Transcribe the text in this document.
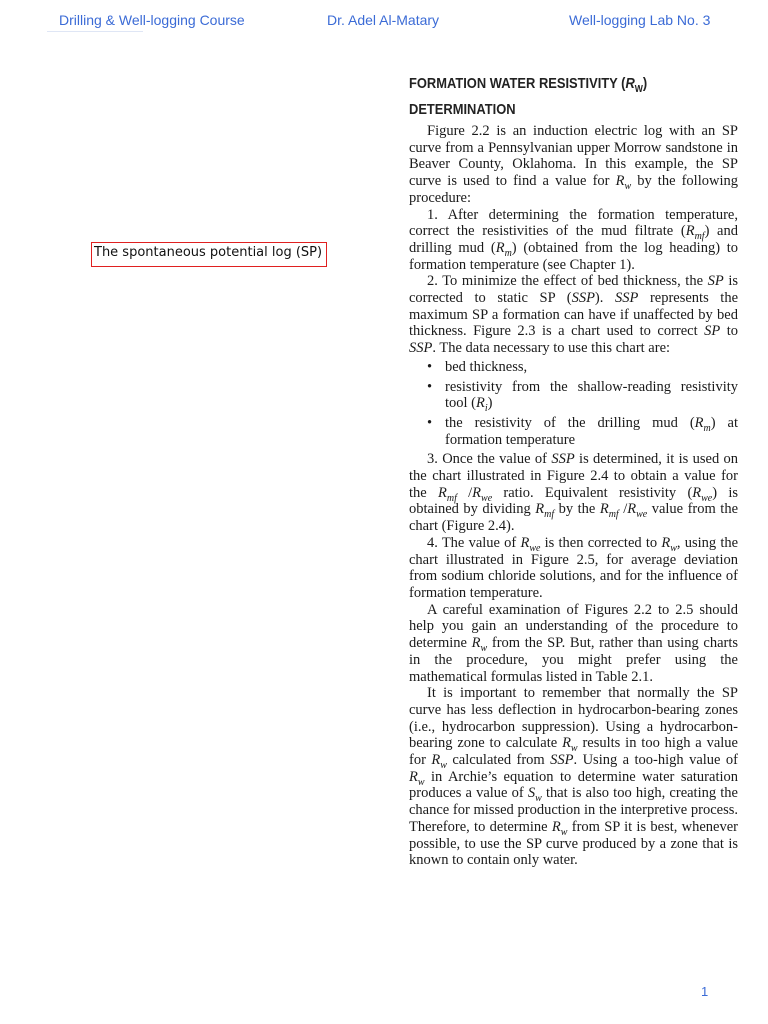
Drilling & Well-logging Course	Dr. Adel Al-Matary	Well-logging Lab No. 3
The spontaneous potential log (SP)
FORMATION WATER RESISTIVITY $(R_W)$
DETERMINATION

Figure 2.2 is an induction electric log with an SP curve from a Pennsylvanian upper Morrow sandstone in Beaver County, Oklahoma. In this example, the SP curve is used to find a value for $R_w$ by the following procedure:

1. After determining the formation temperature, correct the resistivities of the mud filtrate $(R_{mf})$ and drilling mud $(R_m)$ (obtained from the log heading) to formation temperature (see Chapter 1).

2. To minimize the effect of bed thickness, the SP is corrected to static SP (SSP). SSP represents the maximum SP a formation can have if unaffected by bed thickness. Figure 2.3 is a chart used to correct SP to SSP. The data necessary to use this chart are:

• bed thickness,
• resistivity from the shallow-reading resistivity tool $(R_i)$
• the resistivity of the drilling mud $(R_m)$ at formation temperature

3. Once the value of SSP is determined, it is used on the chart illustrated in Figure 2.4 to obtain a value for the $R_{mf}$ $/R_{we}$ ratio. Equivalent resistivity $(R_{we})$ is obtained by dividing $R_{mf}$ by the $R_{mf}$ $/R_{we}$ value from the chart (Figure 2.4).

4. The value of $R_{we}$ is then corrected to $R_w$, using the chart illustrated in Figure 2.5, for average deviation from sodium chloride solutions, and for the influence of formation temperature.

A careful examination of Figures 2.2 to 2.5 should help you gain an understanding of the procedure to determine $R_w$ from the SP. But, rather than using charts in the procedure, you might prefer using the mathematical formulas listed in Table 2.1.

It is important to remember that normally the SP curve has less deflection in hydrocarbon-bearing zones (i.e., hydrocarbon suppression). Using a hydrocarbon-bearing zone to calculate $R_w$ results in too high a value for $R_w$ calculated from SSP. Using a too-high value of $R_w$ in Archie’s equation to determine water saturation produces a value of $S_w$ that is also too high, creating the chance for missed production in the interpretive process. Therefore, to determine $R_w$ from SP it is best, whenever possible, to use the SP curve produced by a zone that is known to contain only water.

1
